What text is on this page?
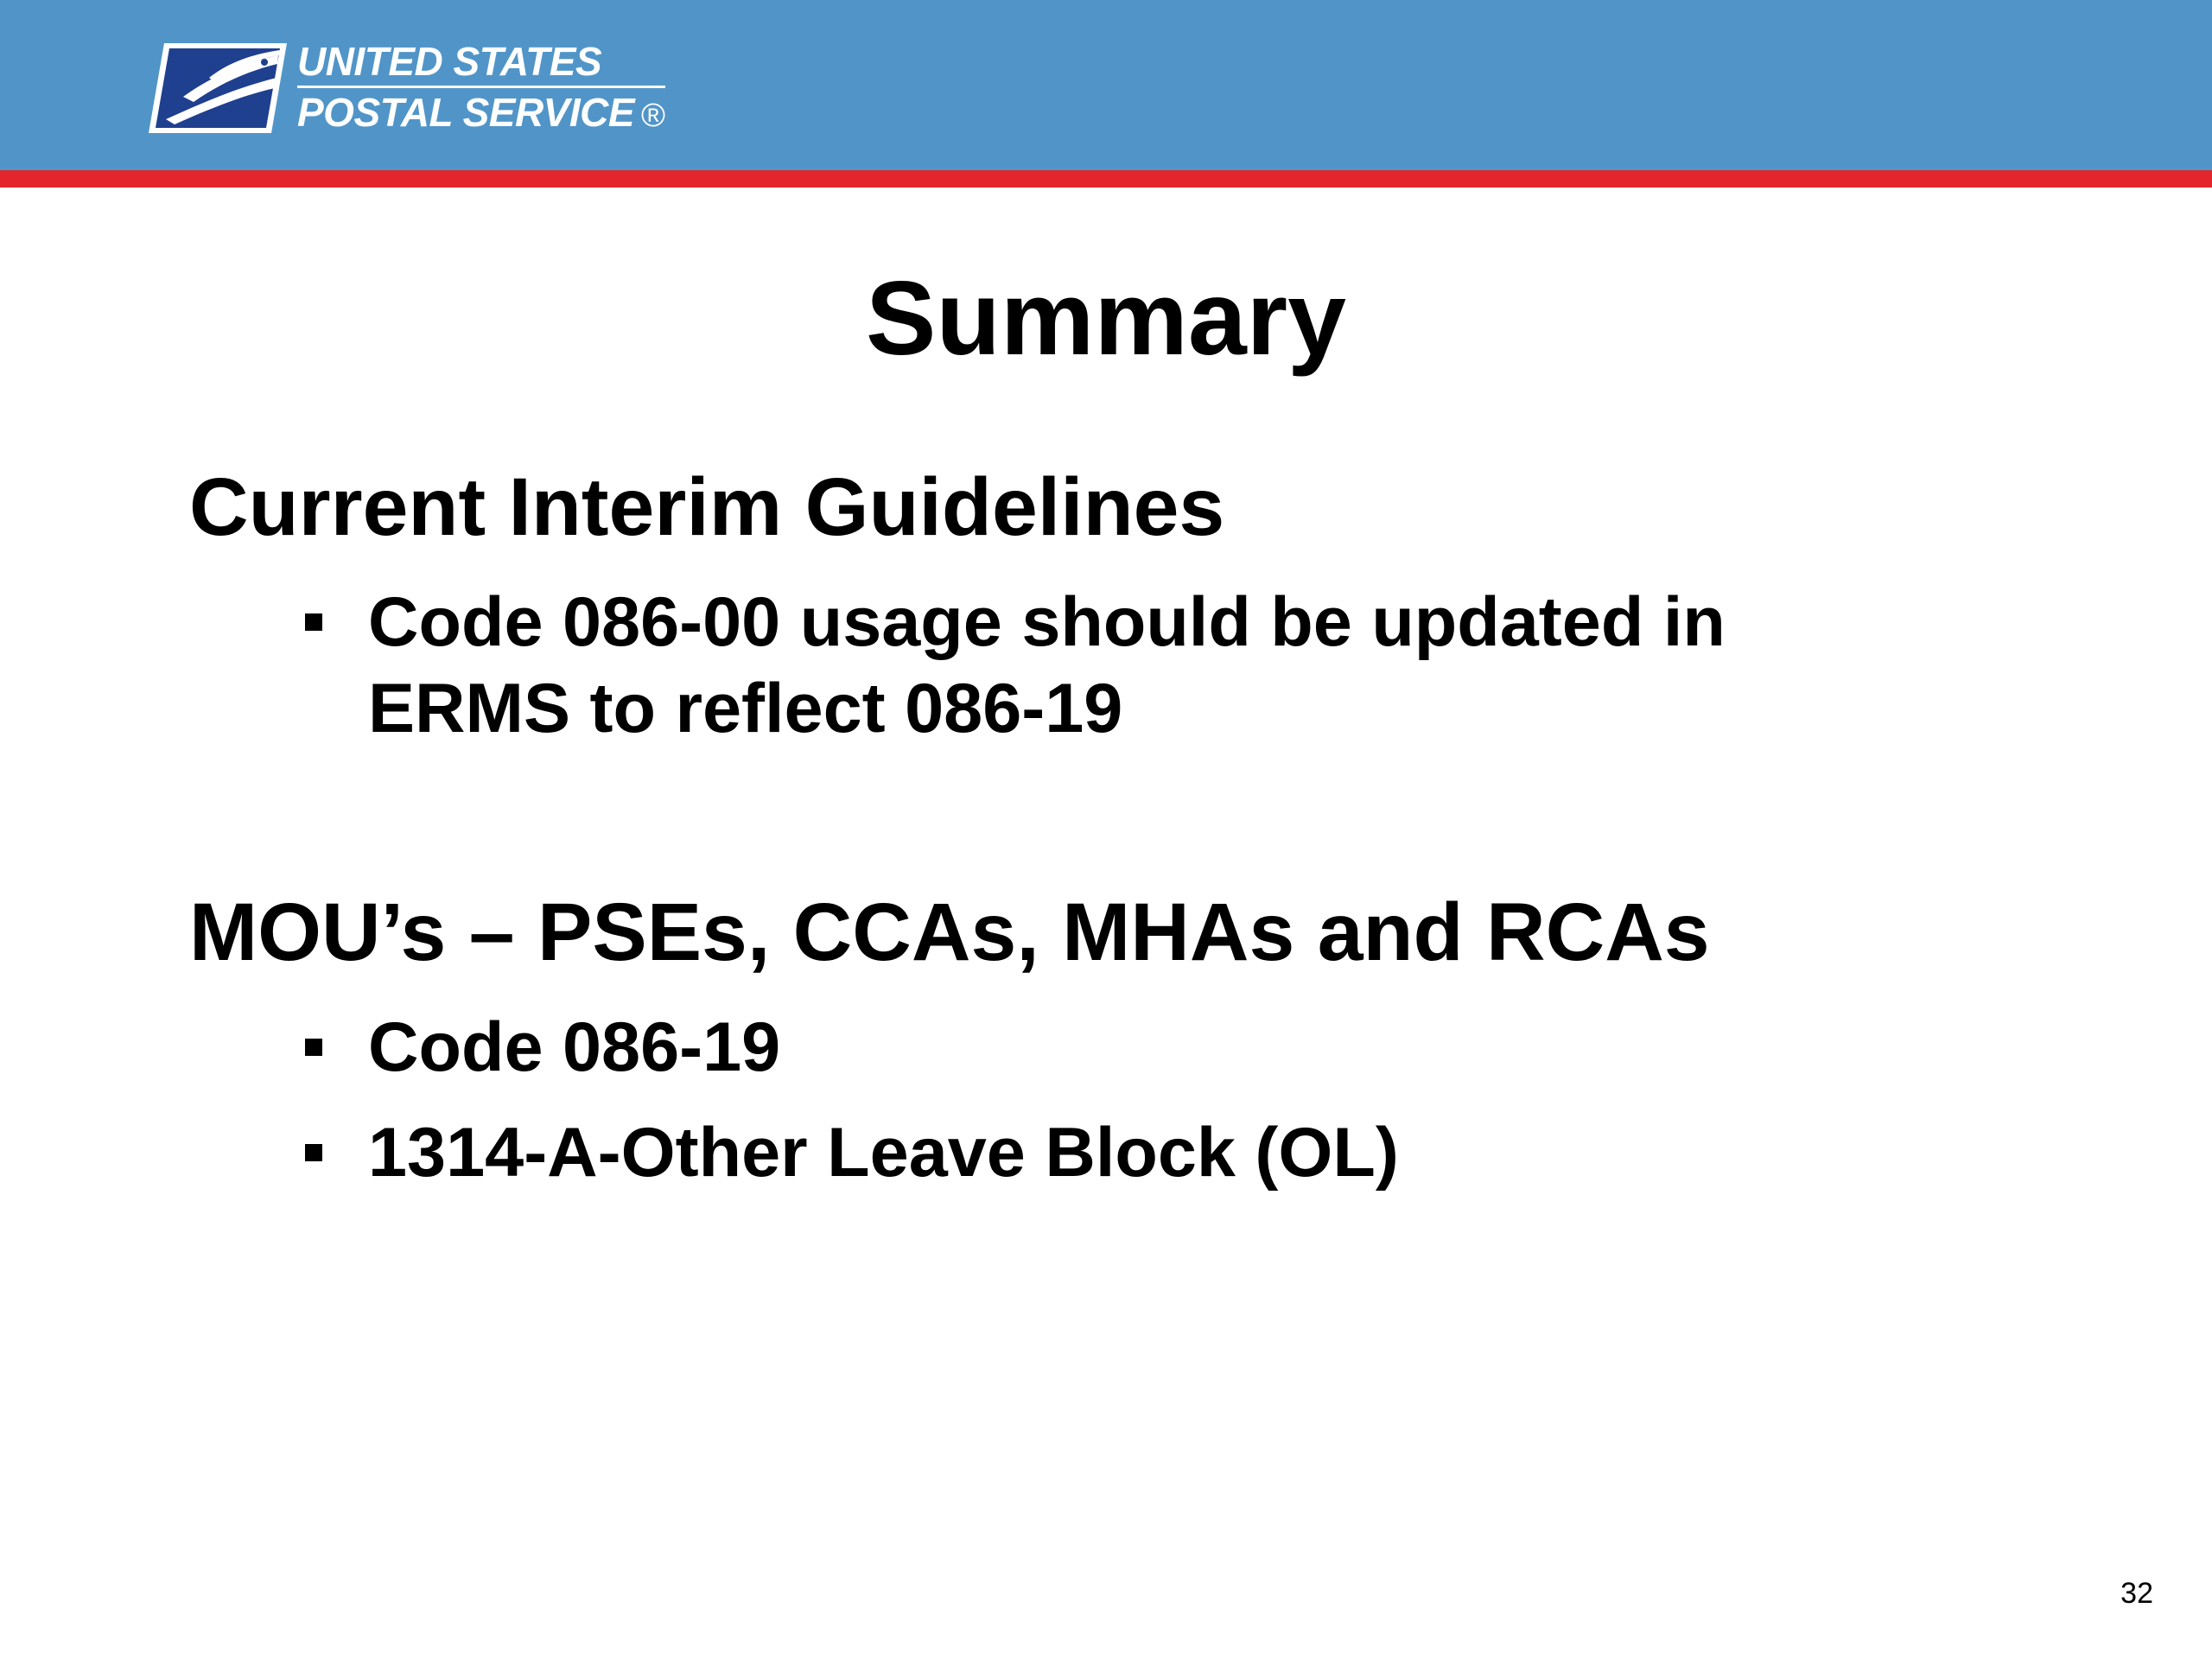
UNITED STATES
POSTAL SERVICE ®
Summary
Current Interim Guidelines
Code 086-00 usage should be updated in ERMS to reflect 086-19
MOU’s – PSEs, CCAs, MHAs and RCAs
Code 086-19
1314-A-Other Leave Block (OL)
32
